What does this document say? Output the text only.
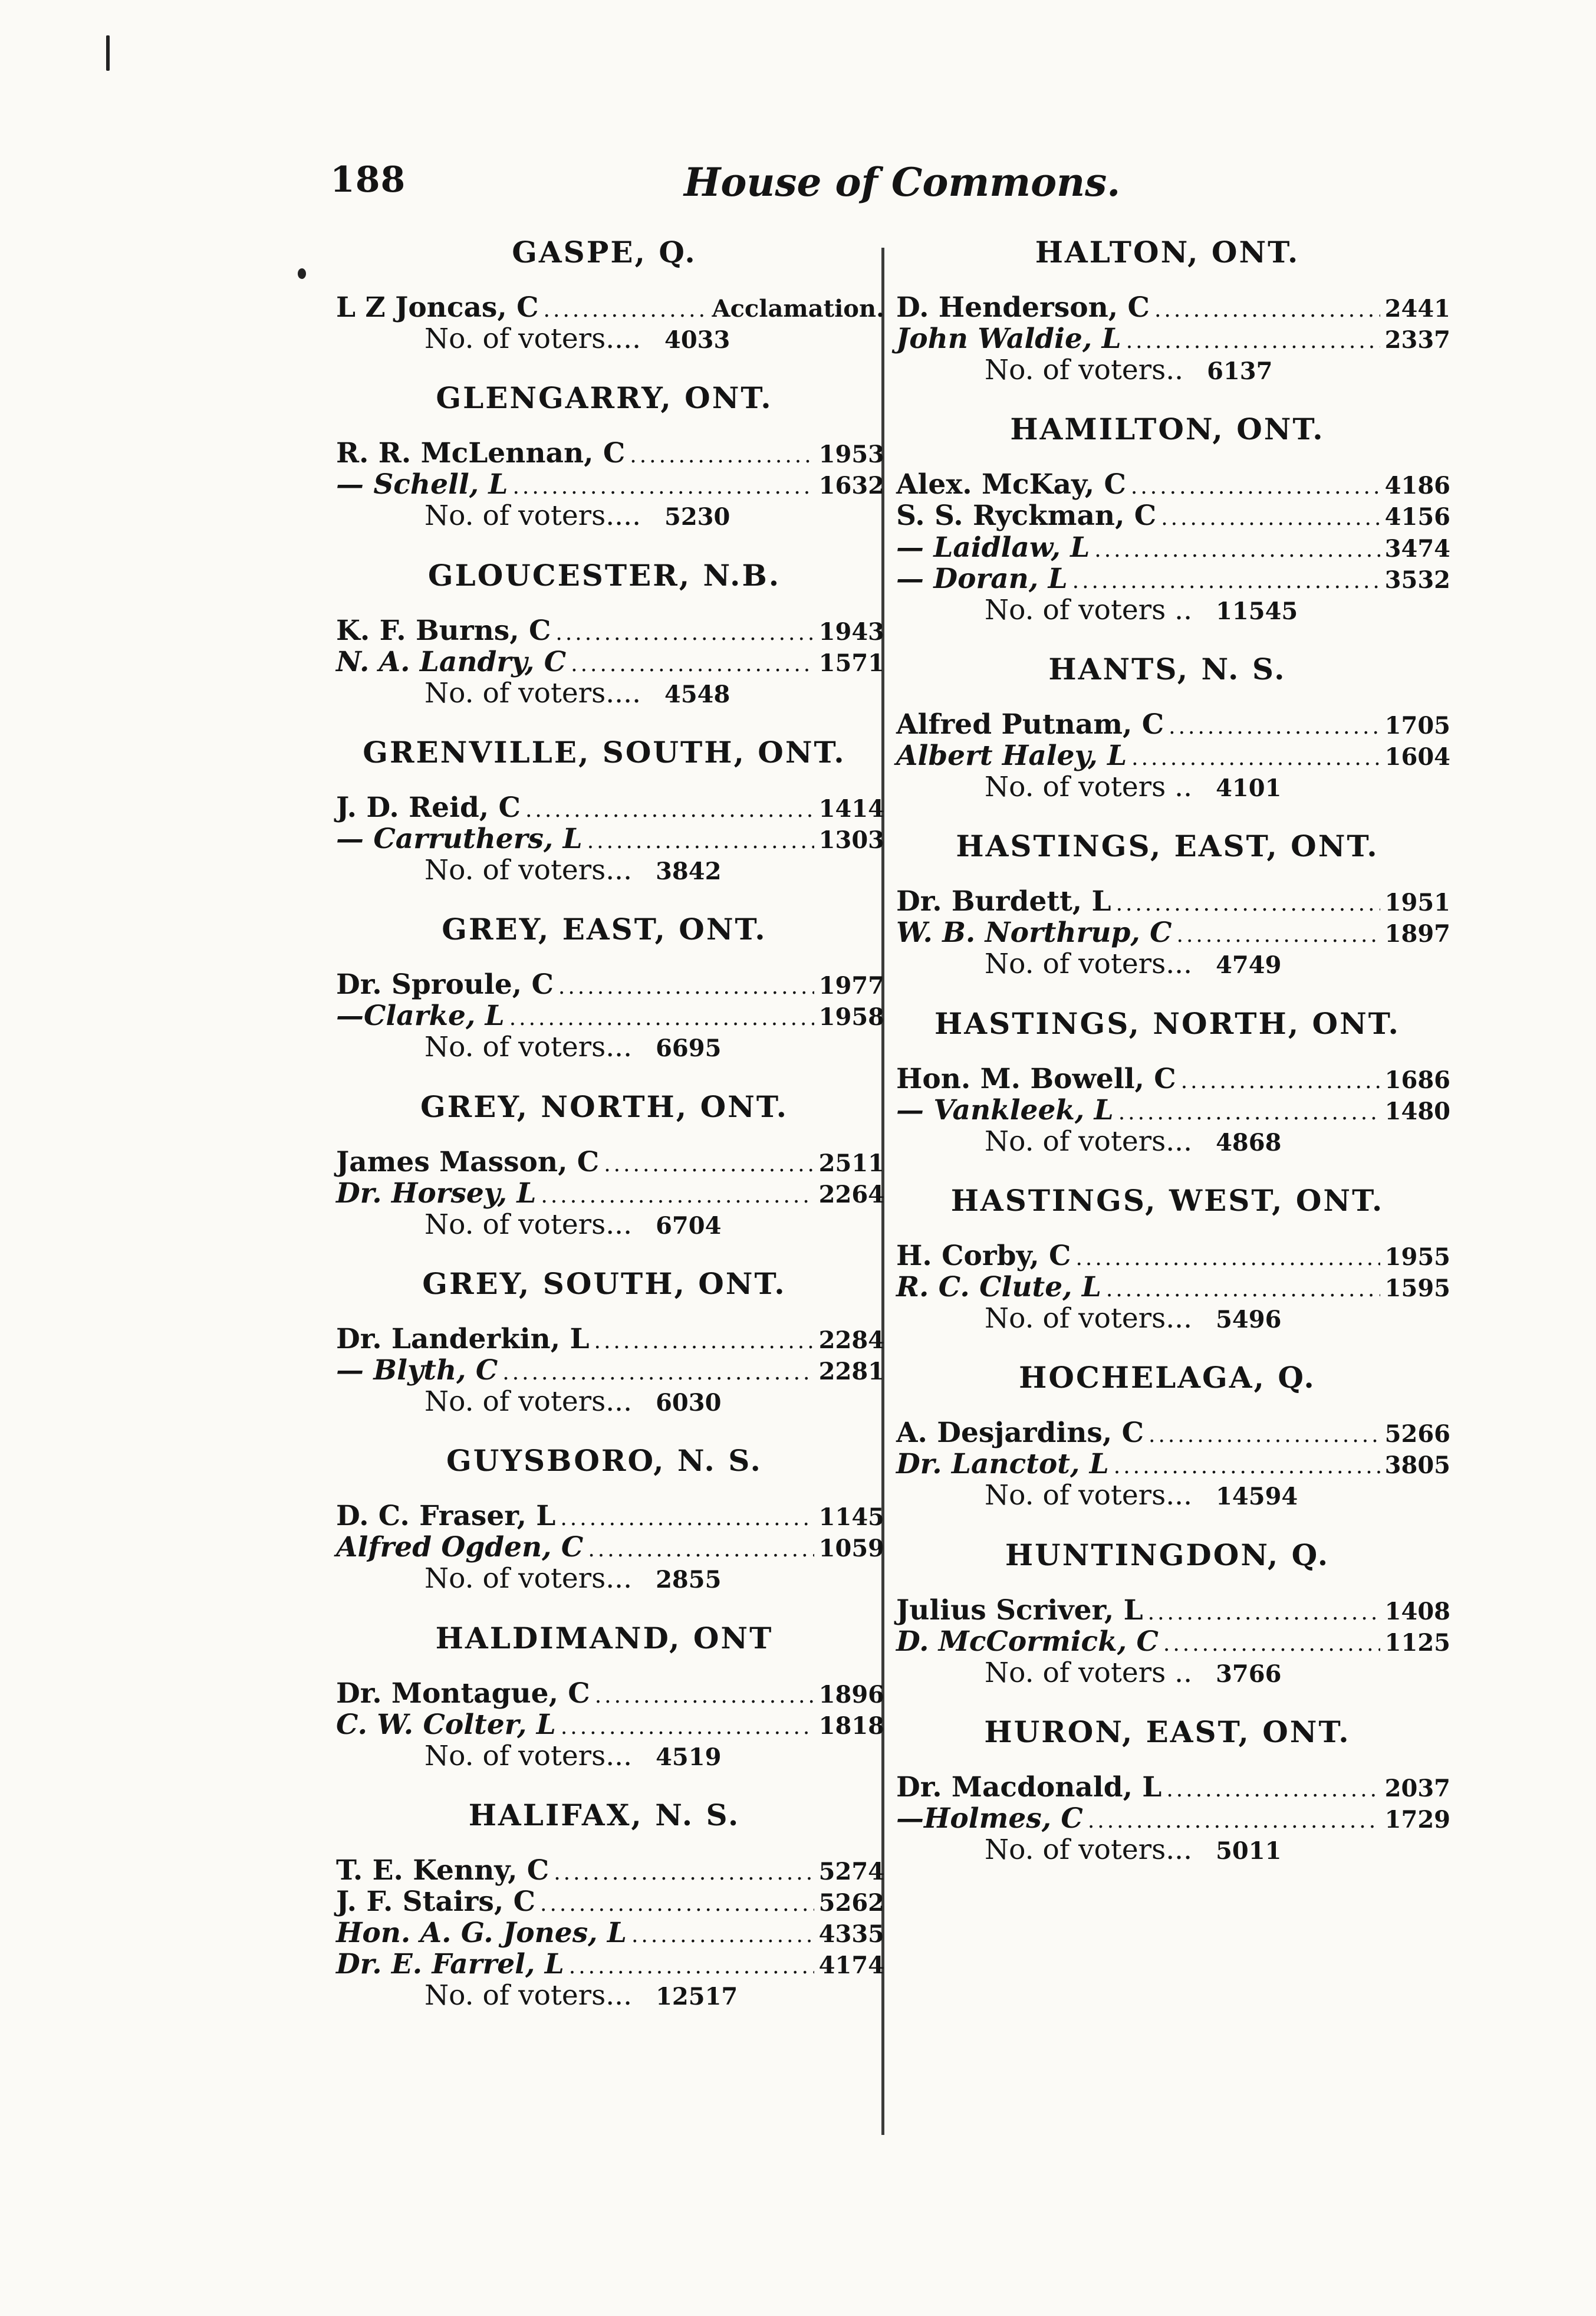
188	House of Commons.
GASPE, Q.
L Z Joncas, C .....	Acclamation.
No. of voters.... 4033
GLENGARRY, ONT.
R. R. McLennan, C .....	1953
— Schell, L .....	1632
No. of voters.... 5230
GLOUCESTER, N.B.
K. F. Burns, C .....	1943
N. A. Landry, C .....	1571
No. of voters.... 4548
GRENVILLE, SOUTH, ONT.
J. D. Reid, C .....	1414
— Carruthers, L .....	1303
No. of voters... 3842
GREY, EAST, ONT.
Dr. Sproule, C .....	1977
—Clarke, L .....	1958
No. of voters... 6695
GREY, NORTH, ONT.
James Masson, C .....	2511
Dr. Horsey, L .....	2264
No. of voters... 6704
GREY, SOUTH, ONT.
Dr. Landerkin, L .....	2284
— Blyth, C .....	2281
No. of voters... 6030
GUYSBORO, N. S.
D. C. Fraser, L .....	1145
Alfred Ogden, C .....	1059
No. of voters... 2855
HALDIMAND, ONT
Dr. Montague, C .....	1896
C. W. Colter, L .....	1818
No. of voters... 4519
HALIFAX, N. S.
T. E. Kenny, C .....	5274
J. F. Stairs, C .....	5262
Hon. A. G. Jones, L .....	4335
Dr. E. Farrel, L .....	4174
No. of voters... 12517
HALTON, ONT.
D. Henderson, C .....	2441
John Waldie, L .....	2337
No. of voters.. 6137
HAMILTON, ONT.
Alex. McKay, C .....	4186
S. S. Ryckman, C .....	4156
— Laidlaw, L .....	3474
— Doran, L .....	3532
No. of voters .. 11545
HANTS, N. S.
Alfred Putnam, C .....	1705
Albert Haley, L .....	1604
No. of voters .. 4101
HASTINGS, EAST, ONT.
Dr. Burdett, L .....	1951
W. B. Northrup, C .....	1897
No. of voters... 4749
HASTINGS, NORTH, ONT.
Hon. M. Bowell, C .....	1686
— Vankleek, L .....	1480
No. of voters... 4868
HASTINGS, WEST, ONT.
H. Corby, C .....	1955
R. C. Clute, L .....	1595
No. of voters... 5496
HOCHELAGA, Q.
A. Desjardins, C .....	5266
Dr. Lanctot, L .....	3805
No. of voters... 14594
HUNTINGDON, Q.
Julius Scriver, L .....	1408
D. McCormick, C .....	1125
No. of voters .. 3766
HURON, EAST, ONT.
Dr. Macdonald, L .....	2037
—Holmes, C .....	1729
No. of voters... 5011
